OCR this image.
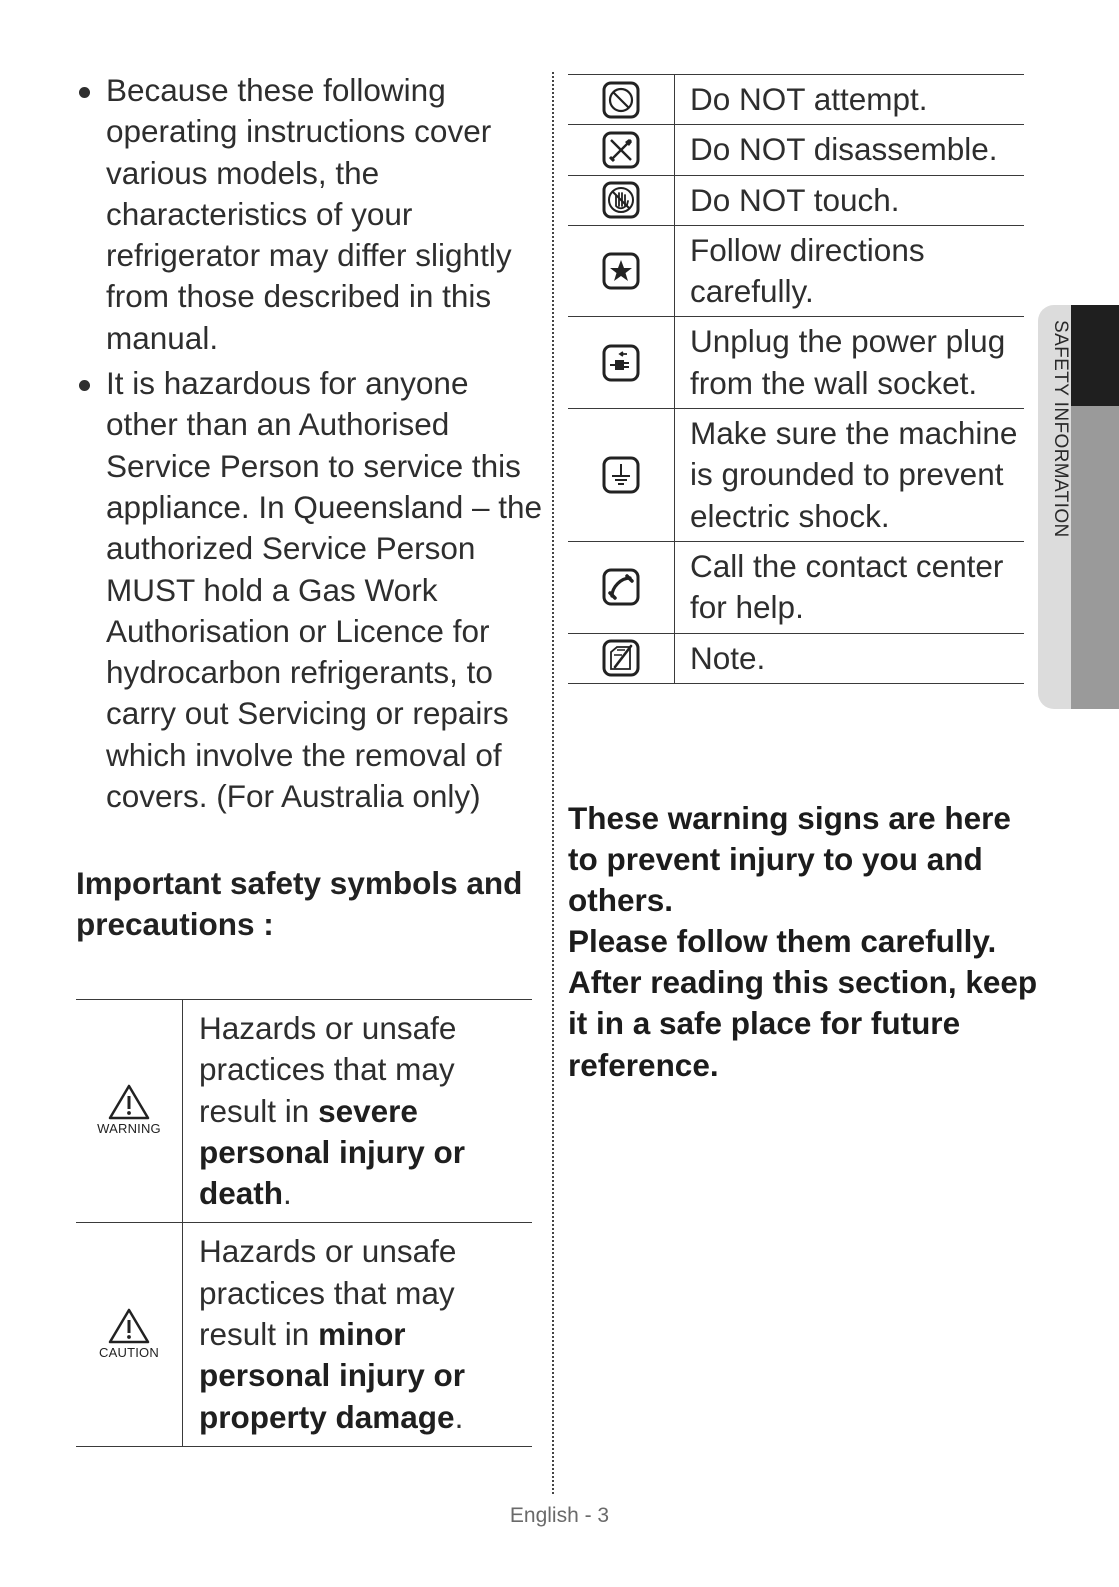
Because these following operating instructions cover various models, the characteristics of your refrigerator may differ slightly from those described in this manual.
It is hazardous for anyone other than an Authorised Service Person to service this appliance. In Queensland – the authorized Service Person MUST hold a Gas Work Authorisation or Licence for hydrocarbon refrigerants, to carry out Servicing or repairs which involve the removal of covers. (For Australia only)
Important safety symbols and precautions :
WARNING	Hazards or unsafe practices that may result in severe personal injury or death.

CAUTION	Hazards or unsafe practices that may result in minor personal injury or property damage.
	Do NOT attempt.

	Do NOT disassemble.

	Do NOT touch.

	Follow directions carefully.

	Unplug the power plug from the wall socket.

	Make sure the machine is grounded to prevent electric shock.

	Call the contact center for help.

	Note.

These warning signs are here to prevent injury to you and others.

Please follow them carefully.

After reading this section, keep it in a safe place for future reference.

SAFETY INFORMATION
English - 3
